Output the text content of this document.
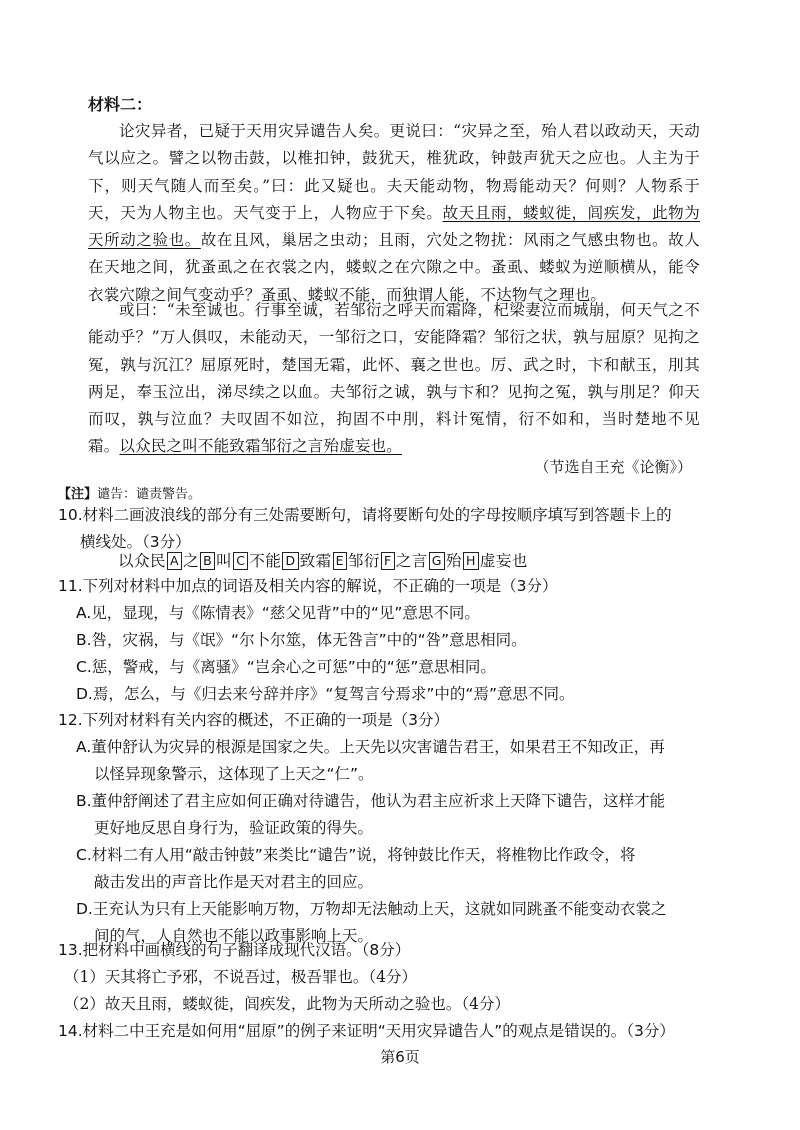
材料二：

论灾异者，已疑于天用灾异谴告人矣。更说曰：“灾异之至，殆人君以政动天，天动气以应之。譬之以物击鼓，以椎扣钟，鼓犹天，椎犹政，钟鼓声犹天之应也。人主为于下，则天气随人而至矣。”曰：此又疑也。夫天能动物，物焉能动天？何则？人物系于天，天为人物主也。天气变于上，人物应于下矣。故天且雨，蝼蚁徙，闾疾发，此物为天所动之验也。故在且风，巢居之虫动；且雨，穴处之物扰：风雨之气感虫物也。故人在天地之间，犹蚤虱之在衣裳之内，蝼蚁之在穴隙之中。蚤虱、蝼蚁为逆顺横从，能令衣裳穴隙之间气变动乎？蚤虱、蝼蚁不能，而独谓人能，不达物气之理也。

或曰：“未至诚也。行事至诚，若邹衍之呼天而霜降，杞梁妻泣而城崩，何天气之不能动乎？”万人俱叹，未能动天，一邹衍之口，安能降霜？邹衍之状，孰与屈原？见拘之冤，孰与沉江？屈原死时，楚国无霜，此怀、襄之世也。厉、武之时，卞和献玉，刖其两足，奉玉泣出，涕尽续之以血。夫邹衍之诚，孰与卞和？见拘之冤，孰与刖足？仰天而叹，孰与泣血？夫叹固不如泣，拘固不中刖，料计冤情，衍不如和，当时楚地不见霜。以众民之叫不能致霜邹衍之言殆虚妄也。

（节选自王充《论衡》）
【注】谴告：谴责警告。
10.材料二画波浪线的部分有三处需要断句，请将要断句处的字母按顺序填写到答题卡上的
横线处。（3分）
以众民 A 之 B 叫 C 不能 D 致霜 E 邹衍 F 之言 G 殆 H 虚妄也
11.下列对材料中加点的词语及相关内容的解说，不正确的一项是（3分）
A.见，显现，与《陈情表》“慈父见背”中的“见”意思不同。
B.咎，灾祸，与《氓》“尔卜尔筮，体无咎言”中的“咎”意思相同。
C.惩，警戒，与《离骚》“岂余心之可惩”中的“惩”意思相同。
D.焉，怎么，与《归去来兮辞并序》“复驾言兮焉求”中的“焉”意思不同。
12.下列对材料有关内容的概述，不正确的一项是（3分）
A.董仲舒认为灾异的根源是国家之失。上天先以灾害谴告君王，如果君王不知改正，再
以怪异现象警示，这体现了上天之“仁”。
B.董仲舒阐述了君主应如何正确对待谴告，他认为君主应祈求上天降下谴告，这样才能
更好地反思自身行为，验证政策的得失。
C.材料二有人用“敲击钟鼓”来类比“谴告”说，将钟鼓比作天，将椎物比作政令，将
敲击发出的声音比作是天对君主的回应。
D.王充认为只有上天能影响万物，万物却无法触动上天，这就如同跳蚤不能变动衣裳之
间的气，人自然也不能以政事影响上天。
13.把材料中画横线的句子翻译成现代汉语。（8分）
（1）天其将亡予邪，不说吾过，极吾罪也。（4分）
（2）故天且雨，蝼蚁徙，闾疾发，此物为天所动之验也。（4分）
14.材料二中王充是如何用“屈原”的例子来证明“天用灾异谴告人”的观点是错误的。（3分）
第6页
